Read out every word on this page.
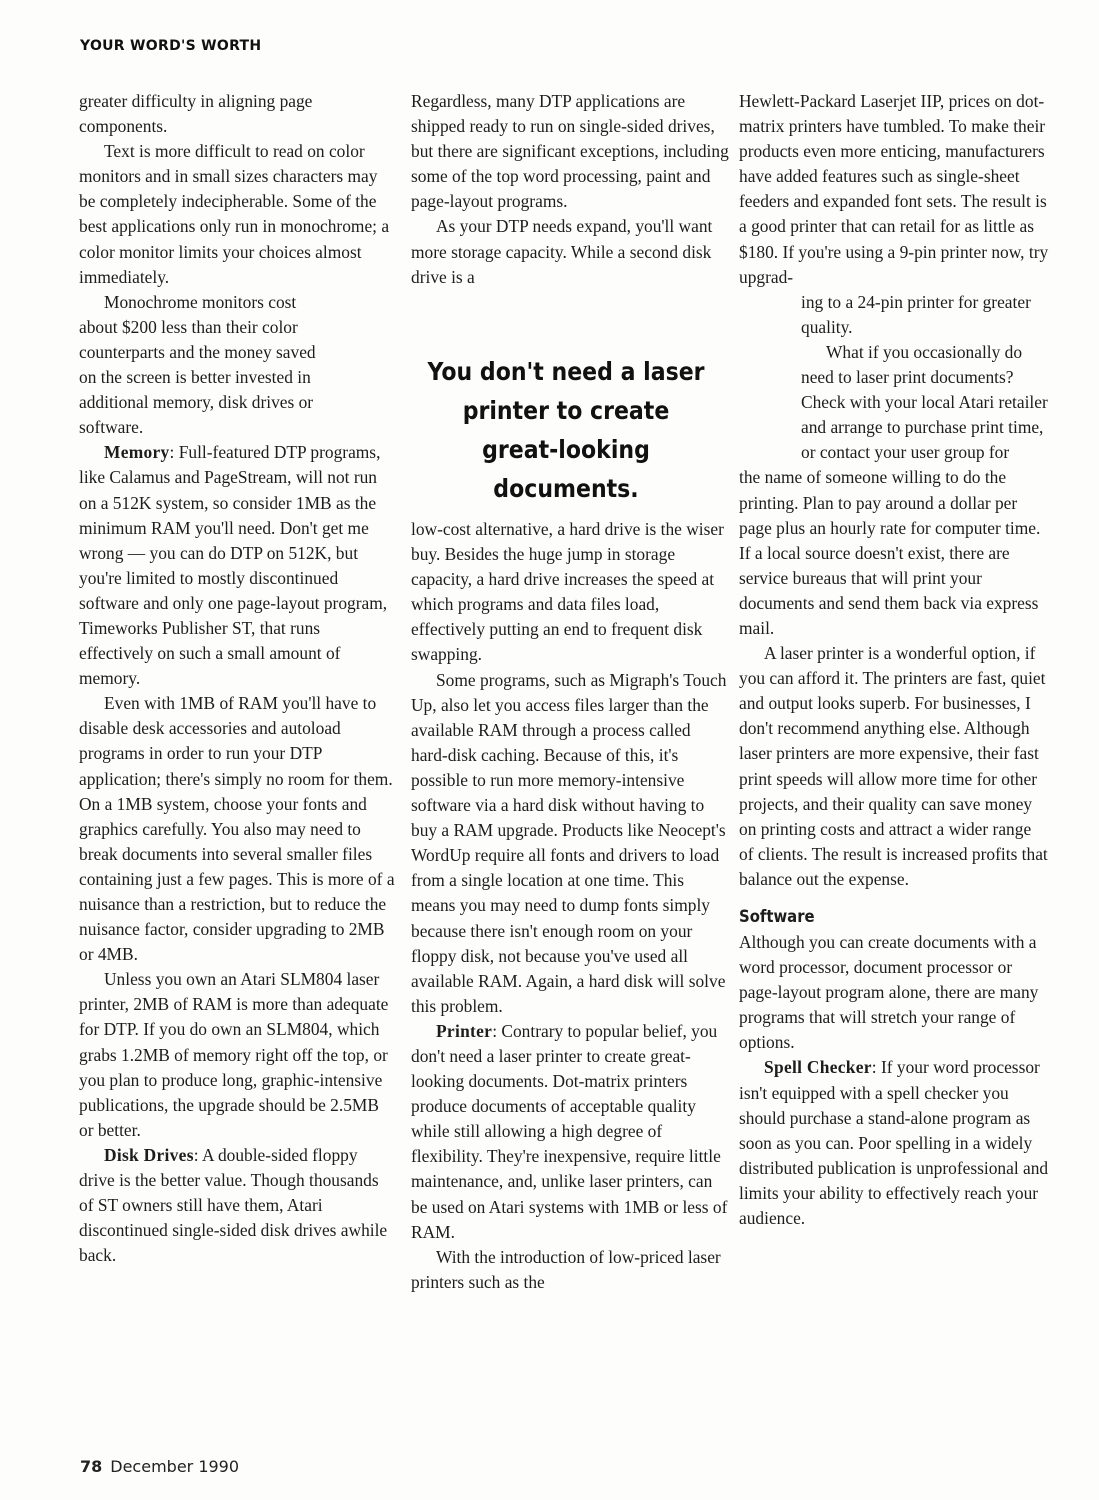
YOUR WORD'S WORTH

greater difficulty in aligning page components.

Text is more difficult to read on color monitors and in small sizes characters may be completely indecipherable. Some of the best applications only run in monochrome; a color monitor limits your choices almost immediately.

Monochrome monitors cost about $200 less than their color counterparts and the money saved on the screen is better invested in additional memory, disk drives or software.

Memory: Full-featured DTP programs, like Calamus and PageStream, will not run on a 512K system, so consider 1MB as the minimum RAM you'll need. Don't get me wrong — you can do DTP on 512K, but you're limited to mostly discontinued software and only one page-layout program, Timeworks Publisher ST, that runs effectively on such a small amount of memory.

Even with 1MB of RAM you'll have to disable desk accessories and autoload programs in order to run your DTP application; there's simply no room for them. On a 1MB system, choose your fonts and graphics carefully. You also may need to break documents into several smaller files containing just a few pages. This is more of a nuisance than a restriction, but to reduce the nuisance factor, consider upgrading to 2MB or 4MB.

Unless you own an Atari SLM804 laser printer, 2MB of RAM is more than adequate for DTP. If you do own an SLM804, which grabs 1.2MB of memory right off the top, or you plan to produce long, graphic-intensive publications, the upgrade should be 2.5MB or better.

Disk Drives: A double-sided floppy drive is the better value. Though thousands of ST owners still have them, Atari discontinued single-sided disk drives awhile back.

Regardless, many DTP applications are shipped ready to run on single-sided drives, but there are significant exceptions, including some of the top word processing, paint and page-layout programs.

As your DTP needs expand, you'll want more storage capacity. While a second disk drive is a

You don't need a laser printer to create great-looking documents.

low-cost alternative, a hard drive is the wiser buy. Besides the huge jump in storage capacity, a hard drive increases the speed at which programs and data files load, effectively putting an end to frequent disk swapping.

Some programs, such as Migraph's Touch Up, also let you access files larger than the available RAM through a process called hard-disk caching. Because of this, it's possible to run more memory-intensive software via a hard disk without having to buy a RAM upgrade. Products like Neocept's WordUp require all fonts and drivers to load from a single location at one time. This means you may need to dump fonts simply because there isn't enough room on your floppy disk, not because you've used all available RAM. Again, a hard disk will solve this problem.

Printer: Contrary to popular belief, you don't need a laser printer to create great-looking documents. Dot-matrix printers produce documents of acceptable quality while still allowing a high degree of flexibility. They're inexpensive, require little maintenance, and, unlike laser printers, can be used on Atari systems with 1MB or less of RAM.

With the introduction of low-priced laser printers such as the

Hewlett-Packard Laserjet IIP, prices on dot-matrix printers have tumbled. To make their products even more enticing, manufacturers have added features such as single-sheet feeders and expanded font sets. The result is a good printer that can retail for as little as $180. If you're using a 9-pin printer now, try upgrad-

ing to a 24-pin printer for greater quality.

What if you occasionally do need to laser print documents? Check with your local Atari retailer and arrange to purchase print time, or contact your user group for

the name of someone willing to do the printing. Plan to pay around a dollar per page plus an hourly rate for computer time. If a local source doesn't exist, there are service bureaus that will print your documents and send them back via express mail.

A laser printer is a wonderful option, if you can afford it. The printers are fast, quiet and output looks superb. For businesses, I don't recommend anything else. Although laser printers are more expensive, their fast print speeds will allow more time for other projects, and their quality can save money on printing costs and attract a wider range of clients. The result is increased profits that balance out the expense.

Software

Although you can create documents with a word processor, document processor or page-layout program alone, there are many programs that will stretch your range of options.

Spell Checker: If your word processor isn't equipped with a spell checker you should purchase a stand-alone program as soon as you can. Poor spelling in a widely distributed publication is unprofessional and limits your ability to effectively reach your audience.

78 December 1990
